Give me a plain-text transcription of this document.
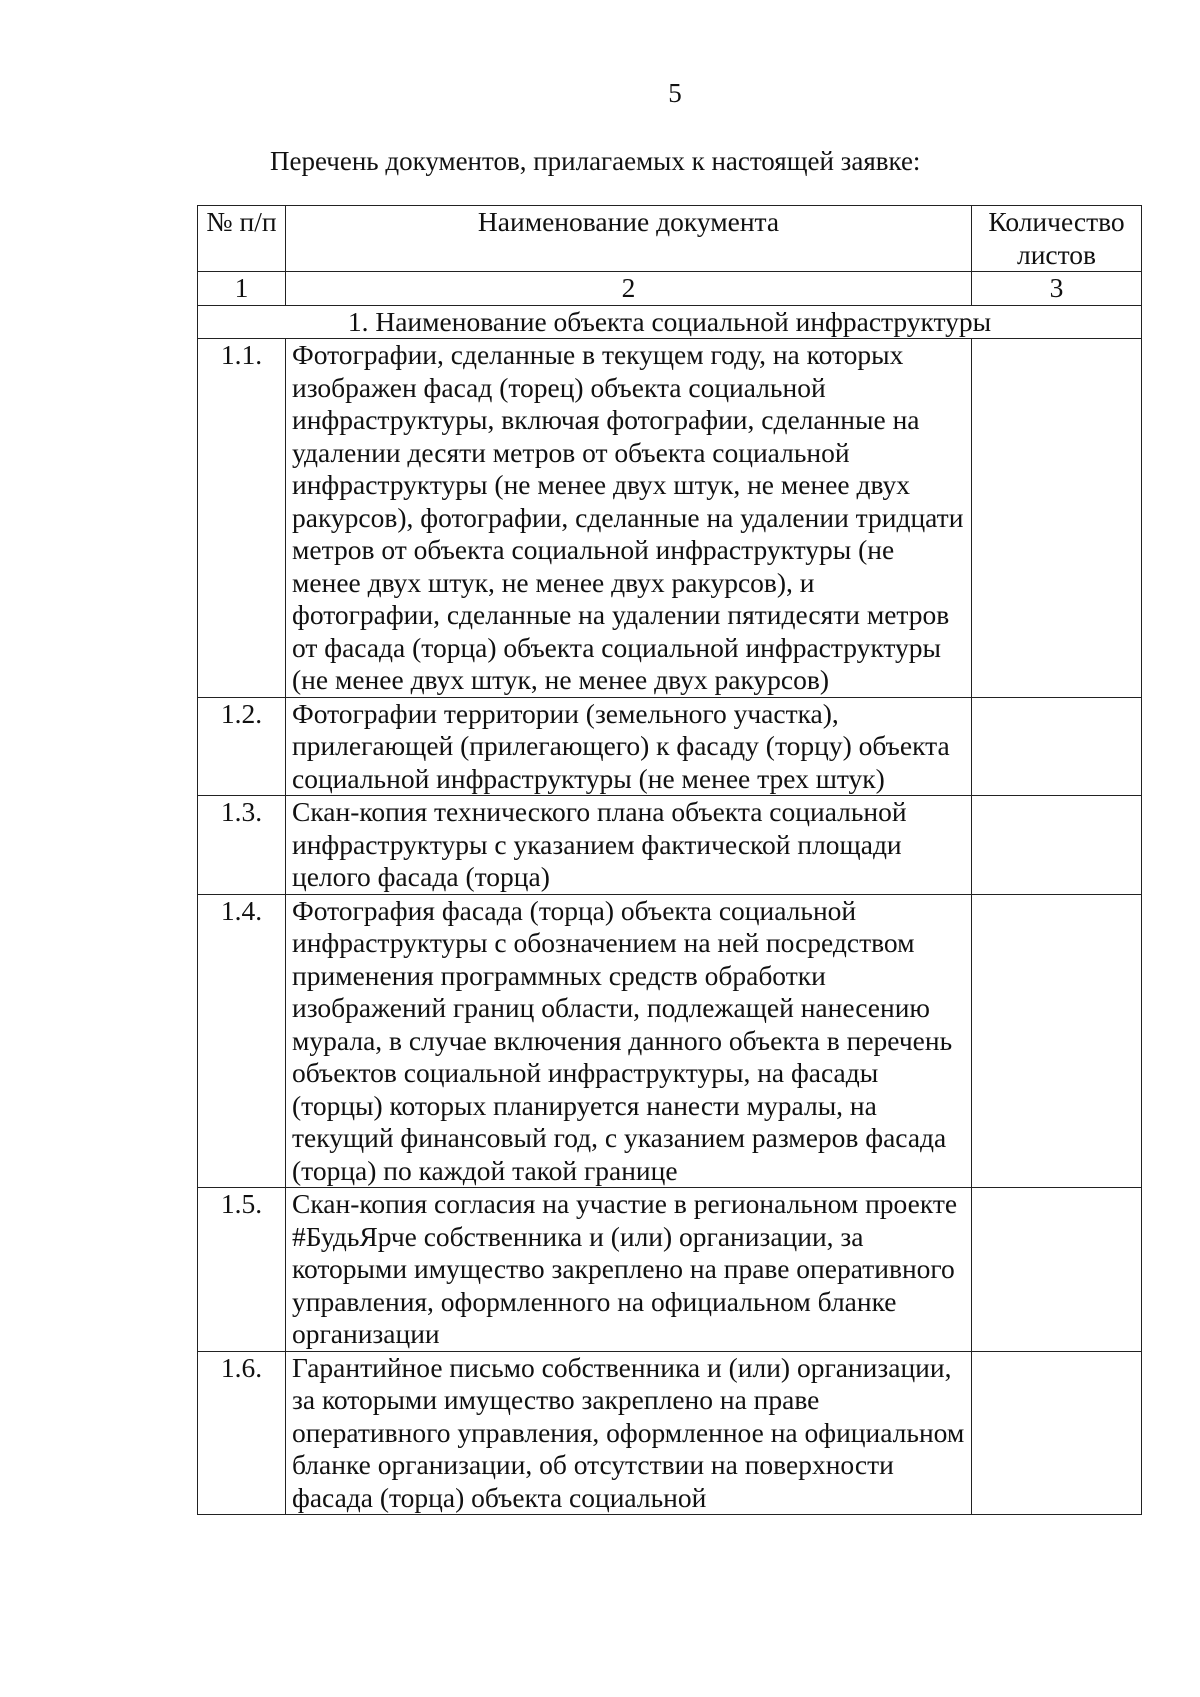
5
Перечень документов, прилагаемых к настоящей заявке:
№ п/п	Наименование документа	Количество листов
1	2	3
1. Наименование объекта социальной инфраструктуры		
1.1.	Фотографии, сделанные в текущем году, на которых изображен фасад (торец) объекта социальной инфраструктуры, включая фотографии, сделанные на удалении десяти метров от объекта социальной инфраструктуры (не менее двух штук, не менее двух ракурсов), фотографии, сделанные на удалении тридцати метров от объекта социальной инфраструктуры (не менее двух штук, не менее двух ракурсов), и фотографии, сделанные на удалении пятидесяти метров от фасада (торца) объекта социальной инфраструктуры (не менее двух штук, не менее двух ракурсов)	
1.2.	Фотографии территории (земельного участка), прилегающей (прилегающего) к фасаду (торцу) объекта социальной инфраструктуры (не менее трех штук)	
1.3.	Скан-копия технического плана объекта социальной инфраструктуры с указанием фактической площади целого фасада (торца)	
1.4.	Фотография фасада (торца) объекта социальной инфраструктуры с обозначением на ней посредством применения программных средств обработки изображений границ области, подлежащей нанесению мурала, в случае включения данного объекта в перечень объектов социальной инфраструктуры, на фасады (торцы) которых планируется нанести муралы, на текущий финансовый год, с указанием размеров фасада (торца) по каждой такой границе	
1.5.	Скан-копия согласия на участие в региональном проекте #БудьЯрче собственника и (или) организации, за которыми имущество закреплено на праве оперативного управления, оформленного на официальном бланке организации	
1.6.	Гарантийное письмо собственника и (или) организации, за которыми имущество закреплено на праве оперативного управления, оформленное на официальном бланке организации, об отсутствии на поверхности фасада (торца) объекта социальной	
